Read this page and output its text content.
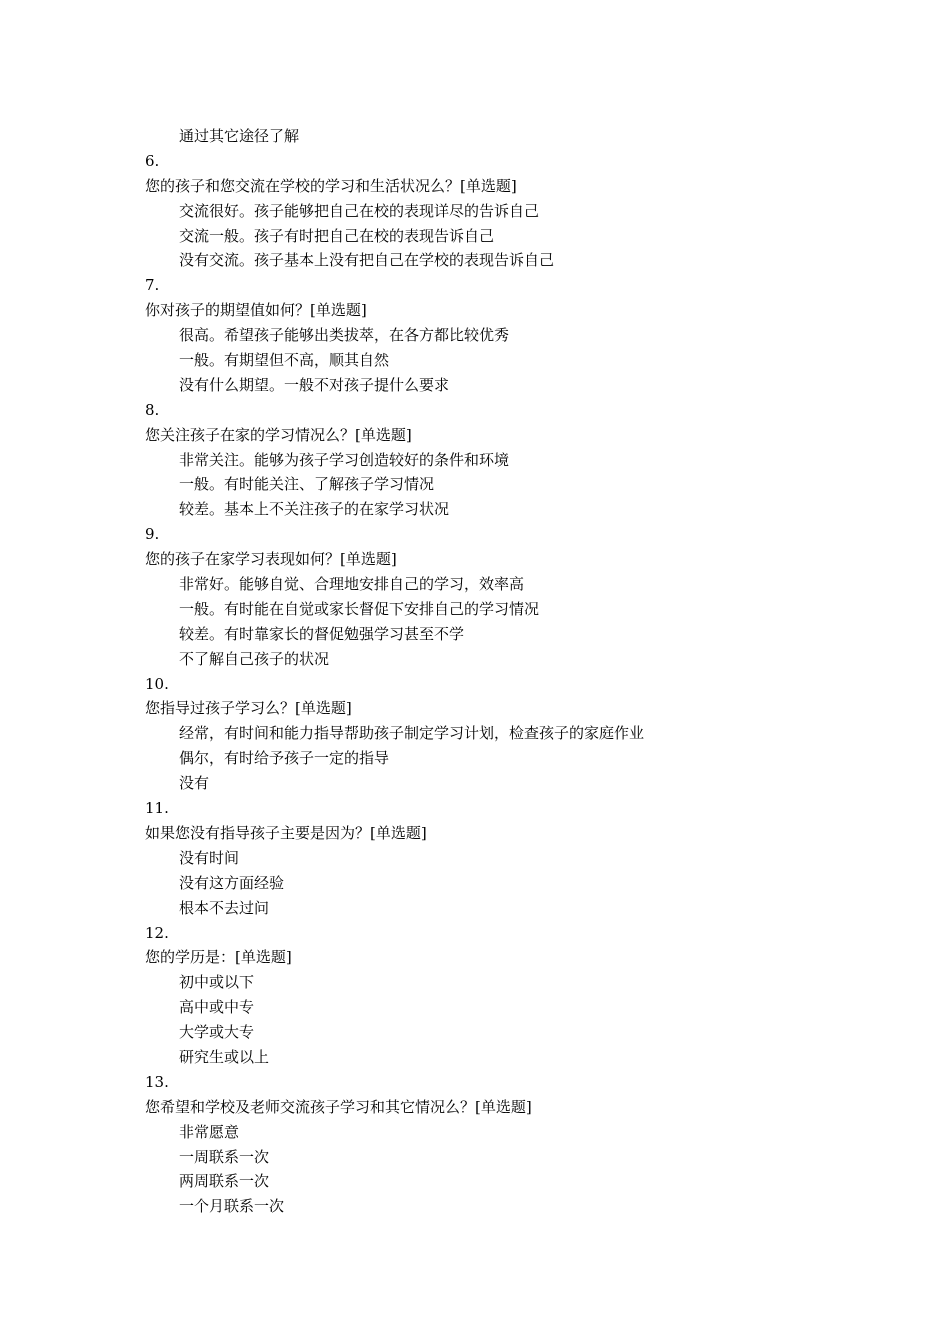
通过其它途径了解
6.
您的孩子和您交流在学校的学习和生活状况么？[单选题]
交流很好。孩子能够把自己在校的表现详尽的告诉自己
交流一般。孩子有时把自己在校的表现告诉自己
没有交流。孩子基本上没有把自己在学校的表现告诉自己
7.
你对孩子的期望值如何？[单选题]
很高。希望孩子能够出类拔萃，在各方都比较优秀
一般。有期望但不高，顺其自然
没有什么期望。一般不对孩子提什么要求
8.
您关注孩子在家的学习情况么？[单选题]
非常关注。能够为孩子学习创造较好的条件和环境
一般。有时能关注、了解孩子学习情况
较差。基本上不关注孩子的在家学习状况
9.
您的孩子在家学习表现如何？[单选题]
非常好。能够自觉、合理地安排自己的学习，效率高
一般。有时能在自觉或家长督促下安排自己的学习情况
较差。有时靠家长的督促勉强学习甚至不学
不了解自己孩子的状况
10.
您指导过孩子学习么？[单选题]
经常，有时间和能力指导帮助孩子制定学习计划，检查孩子的家庭作业
偶尔，有时给予孩子一定的指导
没有
11.
如果您没有指导孩子主要是因为？[单选题]
没有时间
没有这方面经验
根本不去过问
12.
您的学历是：[单选题]
初中或以下
高中或中专
大学或大专
研究生或以上
13.
您希望和学校及老师交流孩子学习和其它情况么？[单选题]
非常愿意
一周联系一次
两周联系一次
一个月联系一次
